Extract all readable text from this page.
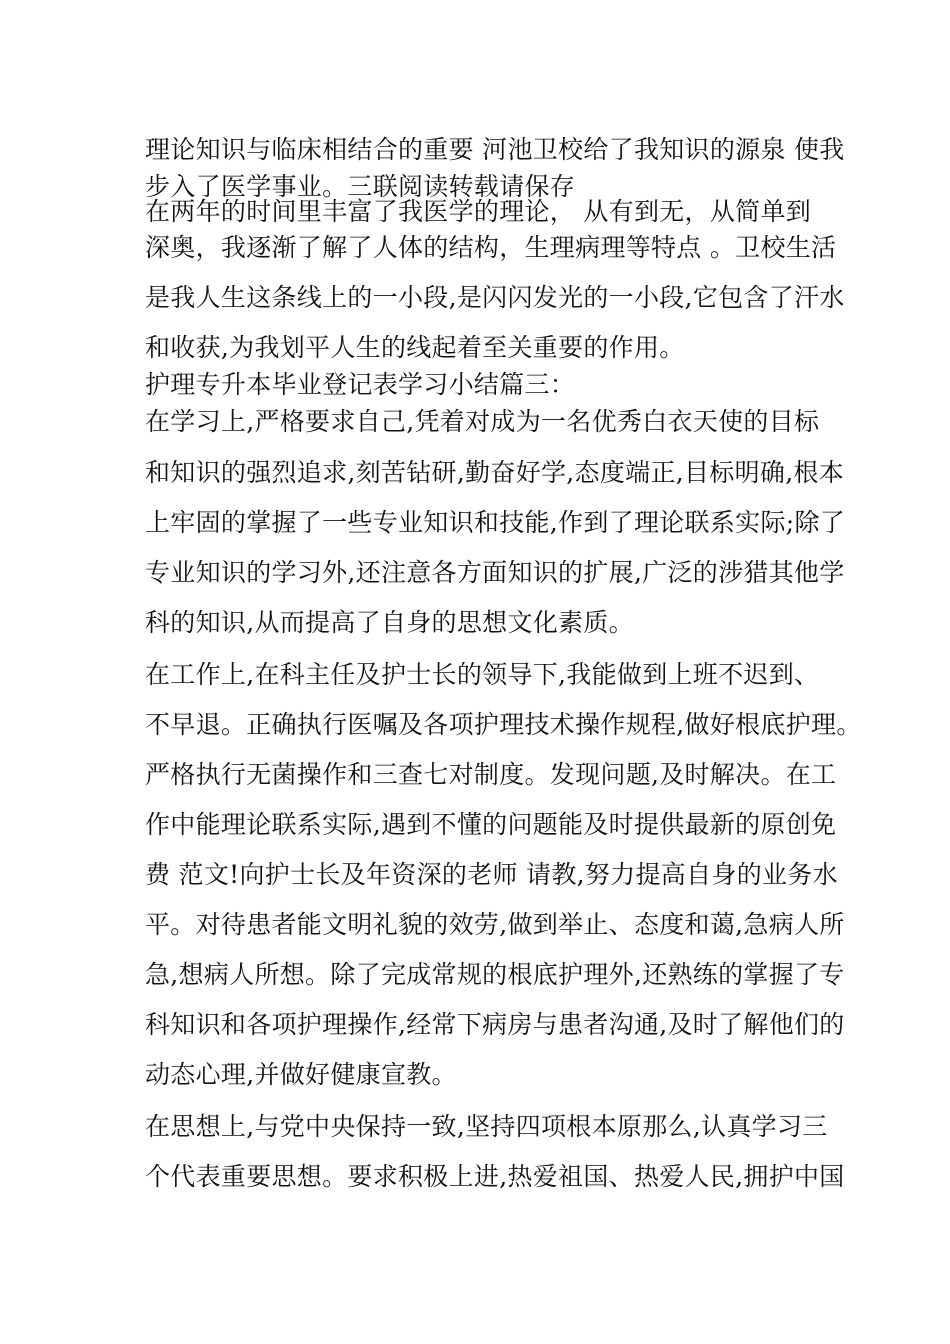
理论知识与临床相结合的重要 河池卫校给了我知识的源泉 使我
步入了医学事业。三联阅读转载请保存
在两年的时间里丰富了我医学的理论， 从有到无，从简单到
深奥，我逐渐了解了人体的结构，生理病理等特点 。卫校生活
是我人生这条线上的一小段,是闪闪发光的一小段,它包含了汗水
和收获,为我划平人生的线起着至关重要的作用。
护理专升本毕业登记表学习小结篇三：
在学习上,严格要求自己,凭着对成为一名优秀白衣天使的目标
和知识的强烈追求,刻苦钻研,勤奋好学,态度端正,目标明确,根本
上牢固的掌握了一些专业知识和技能,作到了理论联系实际;除了
专业知识的学习外,还注意各方面知识的扩展,广泛的涉猎其他学
科的知识,从而提高了自身的思想文化素质。
在工作上,在科主任及护士长的领导下,我能做到上班不迟到、
不早退。正确执行医嘱及各项护理技术操作规程,做好根底护理。
严格执行无菌操作和三查七对制度。发现问题,及时解决。在工
作中能理论联系实际,遇到不懂的问题能及时提供最新的原创免
费 范文!向护士长及年资深的老师 请教,努力提高自身的业务水
平。对待患者能文明礼貌的效劳,做到举止、态度和蔼,急病人所
急,想病人所想。除了完成常规的根底护理外,还熟练的掌握了专
科知识和各项护理操作,经常下病房与患者沟通,及时了解他们的
动态心理,并做好健康宣教。
在思想上,与党中央保持一致,坚持四项根本原那么,认真学习三
个代表重要思想。要求积极上进,热爱祖国、热爱人民,拥护中国
